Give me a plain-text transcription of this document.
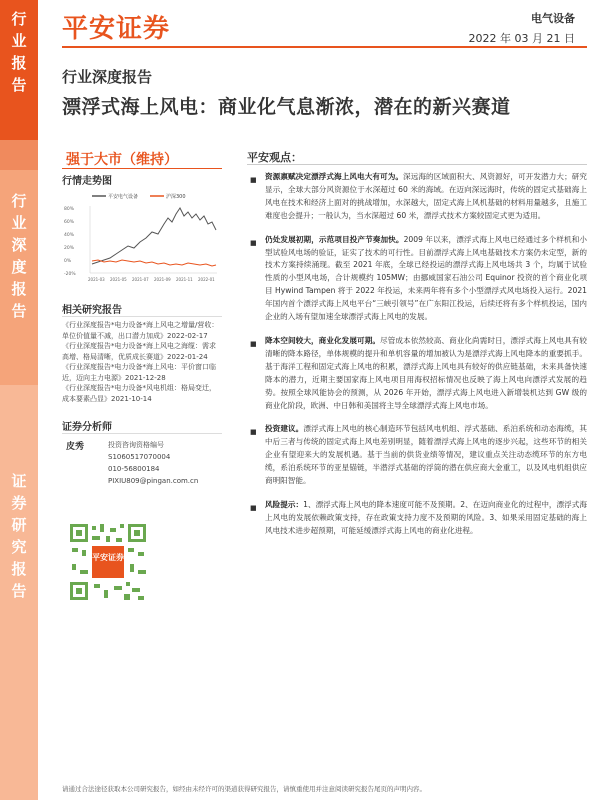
行业报告
行业深度报告
证券研究报告
平安证券	电气设备
2022 年 03 月 21 日
行业深度报告
漂浮式海上风电：商业化气息渐浓，潜在的新兴赛道
强于大市（维持）
行情走势图
平安电气设备	沪深300
80%
60%
40%
20%
0%
-20%
2021-03 2021-05 2021-07 2021-09 2021-11 2022-01
相关研究报告
《行业深度报告*电力设备*海上风电之增量/营收：单位价值量不减，出口潜力加成》2022-02-17
《行业深度报告*电力设备*海上风电之海缆：需求高增、格局清晰，优质成长赛道》2022-01-24
《行业深度报告*电力设备*海上风电：平价窗口临近，迈向主力电源》2021-12-28
《行业深度报告*电力设备*风电机组：格局变迁，成本要素凸显》2021-10-14
证券分析师
皮秀	投资咨询资格编号
S1060517070004
010-56800184
PIXIU809@pingan.com.cn
平安证券
平安观点：
■ 资源禀赋决定漂浮式海上风电大有可为。深远海的区域面积大、风资源好，可开发潜力大；研究显示，全球大部分风资源位于水深超过 60 米的海域。在迈向深远海时，传统的固定式基础海上风电在技术和经济上面对的挑战增加，水深越大，固定式海上风机基础的材料用量越多，且施工难度也会提升；一般认为，当水深超过 60 米，漂浮式技术方案较固定式更为适用。
■ 仍处发展初期，示范项目投产节奏加快。2009 年以来，漂浮式海上风电已经通过多个样机和小型试验风电场的验证，证实了技术的可行性。目前漂浮式海上风电基础技术方案仍未定型，新的技术方案持续涌现。截至 2021 年底，全球已经投运的漂浮式海上风电场共 3 个，均属于试验性质的小型风电场，合计规模约 105MW；由挪威国家石油公司 Equinor 投资的首个商业化项目 Hywind Tampen 将于 2022 年投运，未来两年将有多个小型漂浮式风电场投入运行。2021 年国内首个漂浮式海上风电平台“三峡引领号”在广东阳江投运，后续还将有多个样机投运，国内企业的入场有望加速全球漂浮式海上风电的发展。
■ 降本空间较大，商业化发展可期。尽管成本依然较高、商业化尚需时日，漂浮式海上风电具有较清晰的降本路径，单体规模的提升和单机容量的增加被认为是漂浮式海上风电降本的重要抓手。基于海洋工程和固定式海上风电的积累，漂浮式海上风电具有较好的供应链基础，未来具备快速降本的潜力，近期主要国家海上风电项目用海权招标情况也反映了海上风电向漂浮式发展的趋势。按照全球风能协会的预测，从 2026 年开始，漂浮式海上风电进入新增装机达到 GW 级的商业化阶段，欧洲、中日韩和美国将主导全球漂浮式海上风电市场。
■ 投资建议。漂浮式海上风电的核心制造环节包括风电机组、浮式基础、系泊系统和动态海缆，其中后三者与传统的固定式海上风电差别明显，随着漂浮式海上风电的逐步兴起，这些环节的相关企业有望迎来大的发展机遇。基于当前的供货业绩等情况，建议重点关注动态缆环节的东方电缆，系泊系统环节的亚星锚链，半潜浮式基础的浮筒的潜在供应商大金重工，以及风电机组供应商明阳智能。
■ 风险提示：1、漂浮式海上风电的降本速度可能不及预期。2、在迈向商业化的过程中，漂浮式海上风电的发展依赖政策支持，存在政策支持力度不及预期的风险。3、如果采用固定基础的海上风电技术进步超预期，可能延缓漂浮式海上风电的商业化进程。
请通过合法途径获取本公司研究报告，如经由未经许可的渠道获得研究报告，请慎重使用并注意阅读研究报告尾页的声明内容。
